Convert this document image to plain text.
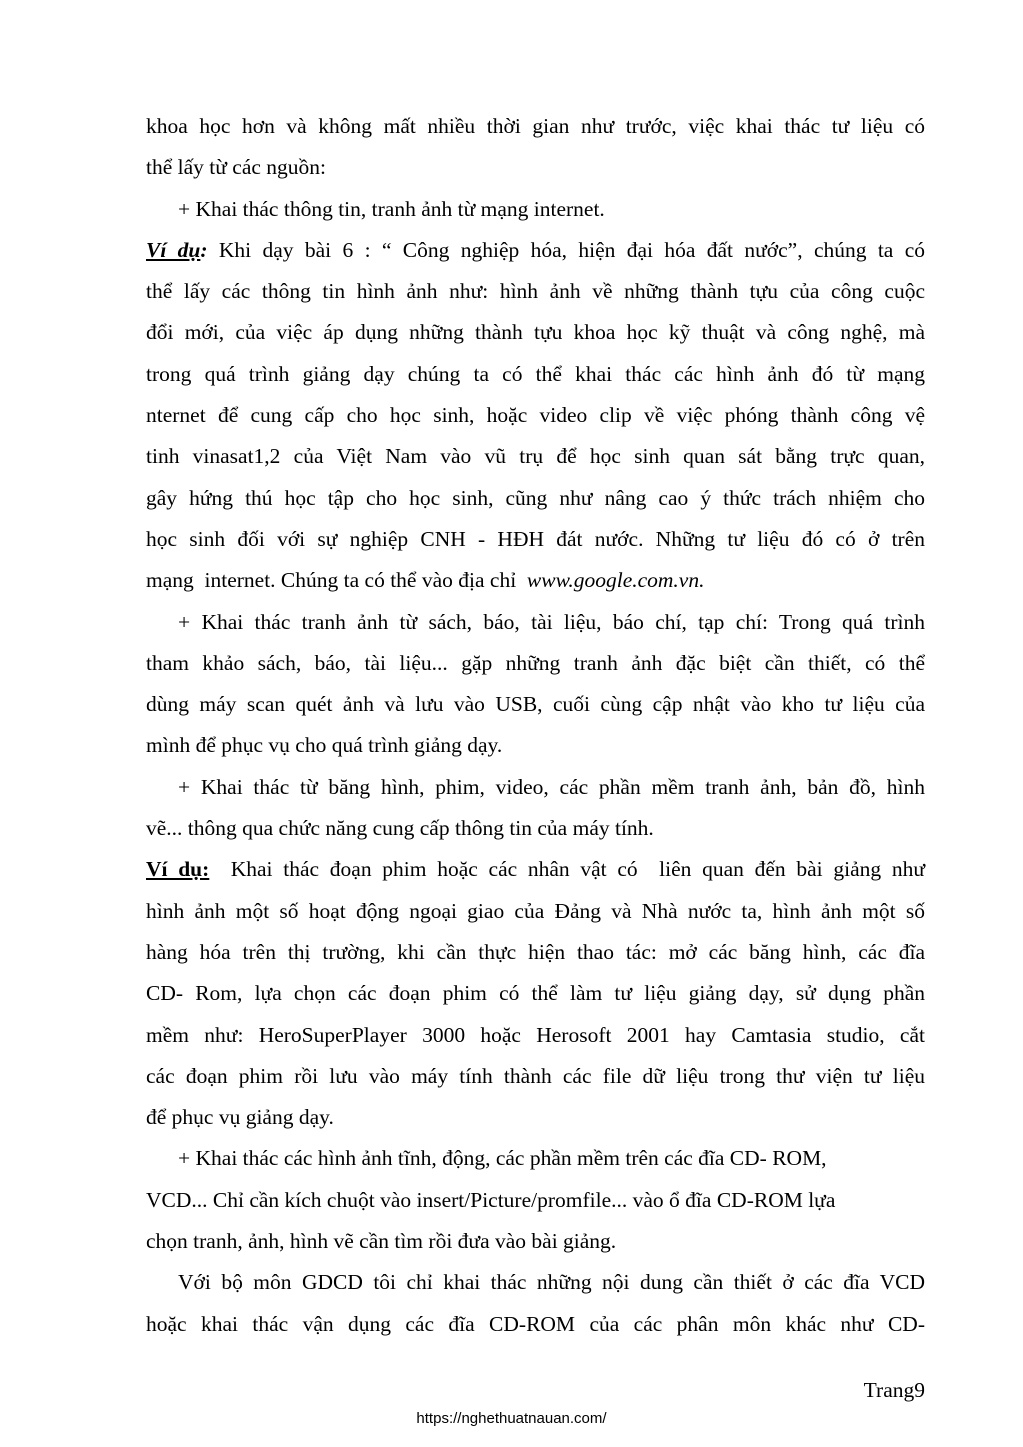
khoa học hơn và không mất nhiều thời gian như trước, việc khai thác tư liệu có
thể lấy từ các nguồn:
+ Khai thác thông tin, tranh ảnh từ mạng internet.
Ví dụ: Khi dạy bài 6 : “ Công nghiệp hóa, hiện đại hóa đất nước”, chúng ta có
thể lấy các thông tin hình ảnh như: hình ảnh về những thành tựu của công cuộc
đổi mới, của việc áp dụng những thành tựu khoa học kỹ thuật và công nghệ, mà
trong quá trình giảng dạy chúng ta có thể khai thác các hình ảnh đó từ mạng
nternet để cung cấp cho học sinh, hoặc video clip về việc phóng thành công vệ
tinh vinasat1,2 của Việt Nam vào vũ trụ để học sinh quan sát bằng trực quan,
gây hứng thú học tập cho học sinh, cũng như nâng cao ý thức trách nhiệm cho
học sinh đối với sự nghiệp CNH - HĐH đát nước. Những tư liệu đó có ở trên
mạng  internet. Chúng ta có thể vào địa chỉ  www.google.com.vn.
+ Khai thác tranh ảnh từ sách, báo, tài liệu, báo chí, tạp chí: Trong quá trình
tham khảo sách, báo, tài liệu... gặp những tranh ảnh đặc biệt cần thiết, có thể
dùng máy scan quét ảnh và lưu vào USB, cuối cùng cập nhật vào kho tư liệu của
mình để phục vụ cho quá trình giảng dạy.
+ Khai thác từ băng hình, phim, video, các phần mềm tranh ảnh, bản đồ, hình
vẽ... thông qua chức năng cung cấp thông tin của máy tính.
Ví dụ:  Khai thác đoạn phim hoặc các nhân vật có  liên quan đến bài giảng như
hình ảnh một số hoạt động ngoại giao của Đảng và Nhà nước ta, hình ảnh một số
hàng hóa trên thị trường, khi cần thực hiện thao tác: mở các băng hình, các đĩa
CD- Rom, lựa chọn các đoạn phim có thể làm tư liệu giảng dạy, sử dụng phần
mềm như: HeroSuperPlayer 3000 hoặc Herosoft 2001 hay Camtasia studio, cắt
các đoạn phim rồi lưu vào máy tính thành các file dữ liệu trong thư viện tư liệu
để phục vụ giảng dạy.
+ Khai thác các hình ảnh tĩnh, động, các phần mềm trên các đĩa CD- ROM,
VCD... Chỉ cần kích chuột vào insert/Picture/promfile... vào ổ đĩa CD-ROM lựa
chọn tranh, ảnh, hình vẽ cần tìm rồi đưa vào bài giảng.
Với bộ môn GDCD tôi chỉ khai thác những nội dung cần thiết ở các đĩa VCD
hoặc khai thác vận dụng các đĩa CD-ROM của các phân môn khác như CD-
Trang9
https://nghethuatnauan.com/
